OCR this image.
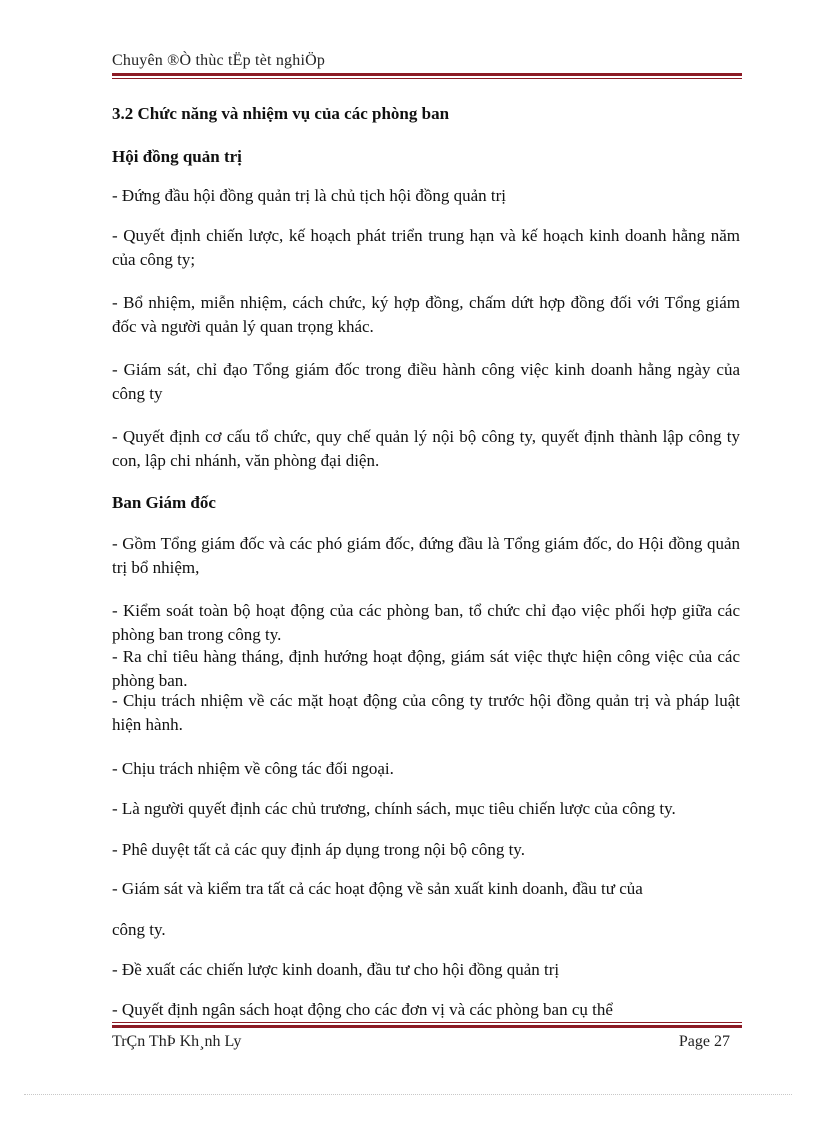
Chuyên ®Ò thùc tËp tèt nghiÖp
3.2 Chức năng và nhiệm vụ của các phòng ban
Hội đồng quản trị
- Đứng đầu hội đồng quản trị là chủ tịch hội đồng quản trị
- Quyết định chiến lược, kế hoạch phát triển trung hạn và kế hoạch kinh doanh hằng năm của công ty;
- Bổ nhiệm, miễn nhiệm, cách chức, ký hợp đồng, chấm dứt hợp đồng đối với Tổng giám đốc và người quản lý quan trọng khác.
- Giám sát, chỉ đạo Tổng giám đốc trong điều hành công việc kinh doanh hằng ngày của công ty
- Quyết định cơ cấu tổ chức, quy chế quản lý nội bộ công ty, quyết định thành lập công ty con, lập chi nhánh, văn phòng đại diện.
Ban Giám đốc
- Gồm Tổng giám đốc và các phó giám đốc, đứng đầu là Tổng giám đốc, do Hội đồng quản trị bổ nhiệm,
- Kiểm soát toàn bộ hoạt động của các phòng ban, tổ chức chỉ đạo việc phối hợp giữa các phòng ban trong công ty.
- Ra chỉ tiêu hàng tháng, định hướng hoạt động, giám sát việc thực hiện công việc của các phòng ban.
- Chịu trách nhiệm về các mặt hoạt động của công ty trước hội đồng quản trị và pháp luật hiện hành.
- Chịu trách nhiệm về công tác đối ngoại.
- Là người quyết định các chủ trương, chính sách, mục tiêu chiến lược của công ty.
- Phê duyệt tất cả các quy định áp dụng trong nội bộ công ty.
- Giám sát và kiểm tra tất cả các hoạt động về sản xuất kinh doanh, đầu tư của
công ty.
- Đề xuất các chiến lược kinh doanh, đầu tư cho hội đồng quản trị
- Quyết định ngân sách hoạt động cho các đơn vị và các phòng ban cụ thể
TrÇn ThÞ Kh¸nh Ly	Page 27
